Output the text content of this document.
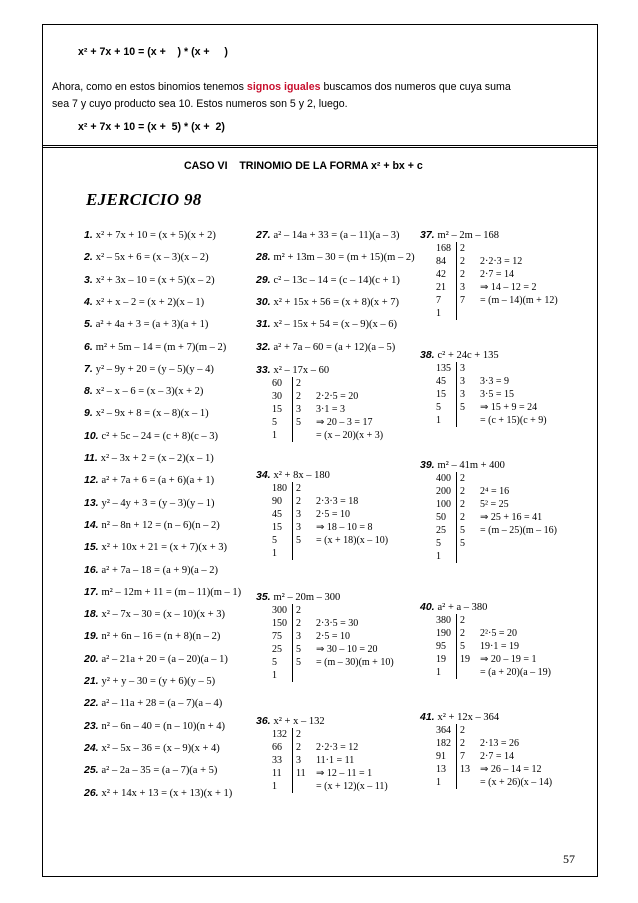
x² + 7x + 10 = (x +    ) * (x +     )
Ahora, como en estos binomios tenemos signos iguales buscamos dos numeros que cuya suma
sea 7 y cuyo producto sea 10. Estos numeros son 5 y 2, luego.
x² + 7x + 10 = (x +  5) * (x +  2)
CASO VI    TRINOMIO DE LA FORMA x² + bx + c
EJERCICIO 98
1. x² + 7x + 10 = (x + 5)(x + 2)
2. x² – 5x + 6 = (x – 3)(x – 2)
3. x² + 3x – 10 = (x + 5)(x – 2)
4. x² + x – 2 = (x + 2)(x – 1)
5. a² + 4a + 3 = (a + 3)(a + 1)
6. m² + 5m – 14 = (m + 7)(m – 2)
7. y² – 9y + 20 = (y – 5)(y – 4)
8. x² – x – 6 = (x – 3)(x + 2)
9. x² – 9x + 8 = (x – 8)(x – 1)
10. c² + 5c – 24 = (c + 8)(c – 3)
11. x² – 3x + 2 = (x – 2)(x – 1)
12. a² + 7a + 6 = (a + 6)(a + 1)
13. y² – 4y + 3 = (y – 3)(y – 1)
14. n² – 8n + 12 = (n – 6)(n – 2)
15. x² + 10x + 21 = (x + 7)(x + 3)
16. a² + 7a – 18 = (a + 9)(a – 2)
17. m² – 12m + 11 = (m – 11)(m – 1)
18. x² – 7x – 30 = (x – 10)(x + 3)
19. n² + 6n – 16 = (n + 8)(n – 2)
20. a² – 21a + 20 = (a – 20)(a – 1)
21. y² + y – 30 = (y + 6)(y – 5)
22. a² – 11a + 28 = (a – 7)(a – 4)
23. n² – 6n – 40 = (n – 10)(n + 4)
24. x² – 5x – 36 = (x – 9)(x + 4)
25. a² – 2a – 35 = (a – 7)(a + 5)
26. x² + 14x + 13 = (x + 13)(x + 1)
27. a² – 14a + 33 = (a – 11)(a – 3)
28. m² + 13m – 30 = (m + 15)(m – 2)
29. c² – 13c – 14 = (c – 14)(c + 1)
30. x² + 15x + 56 = (x + 8)(x + 7)
31. x² – 15x + 54 = (x – 9)(x – 6)
32. a² + 7a – 60 = (a + 12)(a – 5)
33. x² – 17x – 60
60 2
30 2 2·2·5 = 20
15 3 3·1 = 3
5 5 ⇒ 20 – 3 = 17
1	= (x – 20)(x + 3)
34. x² + 8x – 180
180 2
90 2 2·3·3 = 18
45 3 2·5 = 10
15 3 ⇒ 18 – 10 = 8
5 5 = (x + 18)(x – 10)
1
35. m² – 20m – 300
300 2
150 2 2·3·5 = 30
75 3 2·5 = 10
25 5 ⇒ 30 – 10 = 20
5 5 = (m – 30)(m + 10)
1
36. x² + x – 132
132 2
66 2 2·2·3 = 12
33 3 11·1 = 11
11 11 ⇒ 12 – 11 = 1
1	= (x + 12)(x – 11)
37. m² – 2m – 168
168 2
84 2 2·2·3 = 12
42 2 2·7 = 14
21 3 ⇒ 14 – 12 = 2
7 7 = (m – 14)(m + 12)
1
38. c² + 24c + 135
135 3
45 3 3·3 = 9
15 3 3·5 = 15
5 5 ⇒ 15 + 9 = 24
1	= (c + 15)(c + 9)
39. m² – 41m + 400
400 2
200 2 2⁴ = 16
100 2 5² = 25
50 2 ⇒ 25 + 16 = 41
25 5 = (m – 25)(m – 16)
5 5
1
40. a² + a – 380
380 2
190 2 2²·5 = 20
95 5 19·1 = 19
19 19 ⇒ 20 – 19 = 1
1	= (a + 20)(a – 19)
41. x² + 12x – 364
364 2
182 2 2·13 = 26
91 7 2·7 = 14
13 13 ⇒ 26 – 14 = 12
1	= (x + 26)(x – 14)
57
